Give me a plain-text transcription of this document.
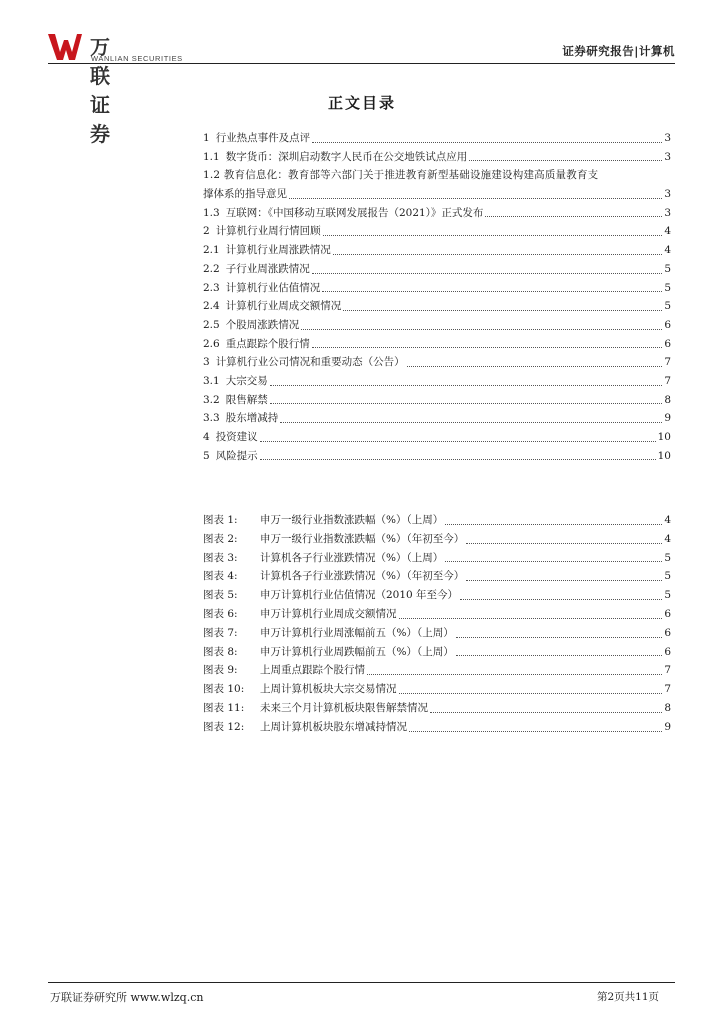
万联证券
WANLIAN SECURITIES
证券研究报告|计算机
正文目录
1 行业热点事件及点评	3
1.1 数字货币：深圳启动数字人民币在公交地铁试点应用	3
1.2 教育信息化：教育部等六部门关于推进教育新型基础设施建设构建高质量教育支
撑体系的指导意见	3
1.3 互联网：《中国移动互联网发展报告（2021）》正式发布	3
2 计算机行业周行情回顾	4
2.1 计算机行业周涨跌情况	4
2.2 子行业周涨跌情况	5
2.3 计算机行业估值情况	5
2.4 计算机行业周成交额情况	5
2.5 个股周涨跌情况	6
2.6 重点跟踪个股行情	6
3 计算机行业公司情况和重要动态（公告）	7
3.1 大宗交易	7
3.2 限售解禁	8
3.3 股东增减持	9
4 投资建议	10
5 风险提示	10
图表 1:	申万一级行业指数涨跌幅（%）（上周）	4
图表 2:	申万一级行业指数涨跌幅（%）（年初至今）	4
图表 3:	计算机各子行业涨跌情况（%）（上周）	5
图表 4:	计算机各子行业涨跌情况（%）（年初至今）	5
图表 5:	申万计算机行业估值情况（2010 年至今）	5
图表 6:	申万计算机行业周成交额情况	6
图表 7:	申万计算机行业周涨幅前五（%）（上周）	6
图表 8:	申万计算机行业周跌幅前五（%）（上周）	6
图表 9:	上周重点跟踪个股行情	7
图表 10:	上周计算机板块大宗交易情况	7
图表 11:	未来三个月计算机板块限售解禁情况	8
图表 12:	上周计算机板块股东增减持情况	9
万联证券研究所 www.wlzq.cn	第2页共11页
